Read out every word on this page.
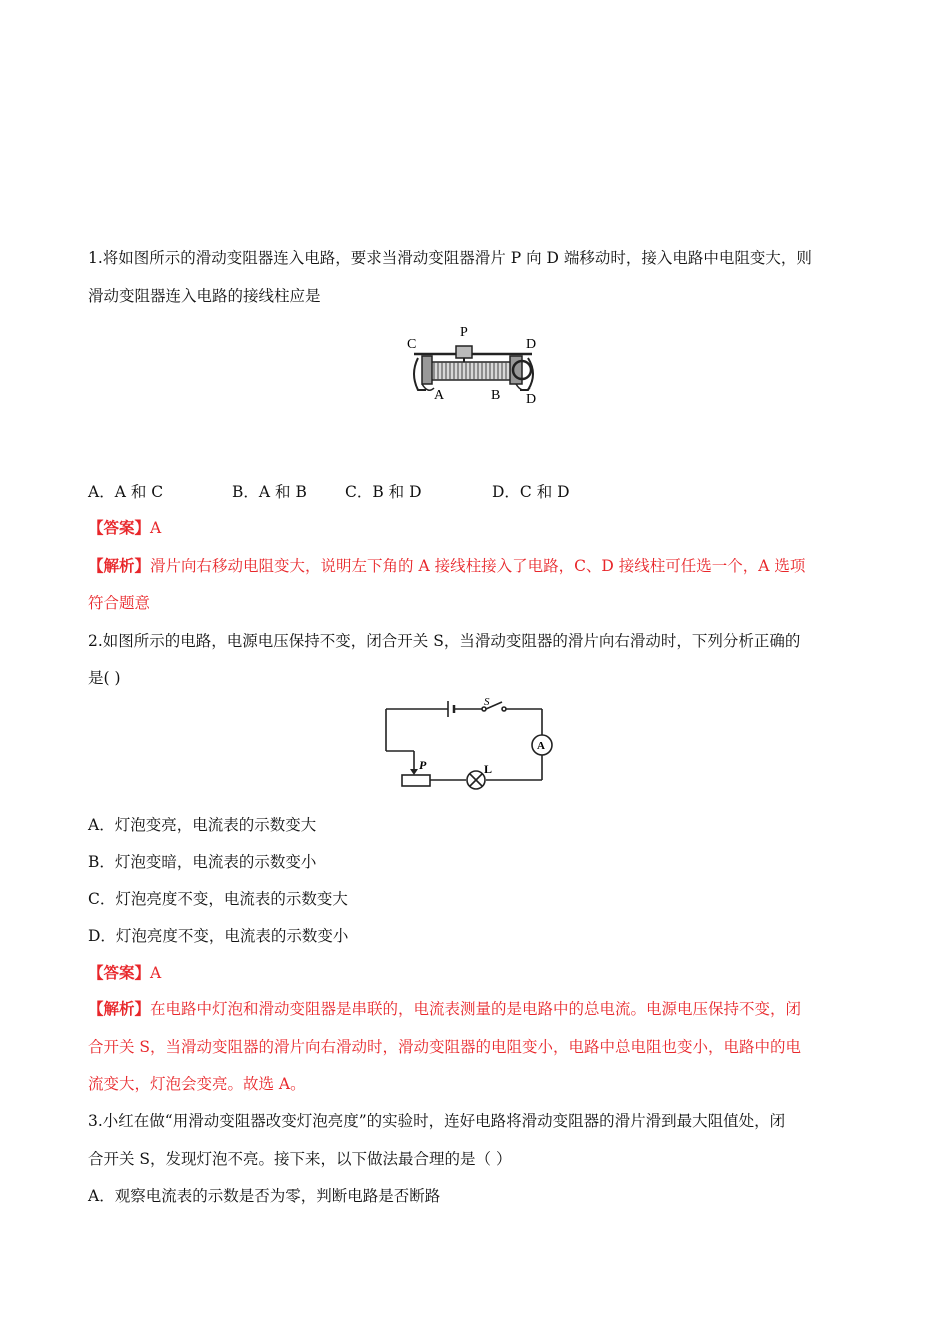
1.将如图所示的滑动变阻器连入电路，要求当滑动变阻器滑片 P 向 D 端移动时，接入电路中电阻变大，则
滑动变阻器连入电路的接线柱应是
P
C	D
A	B D
A．A 和 C	B．A 和 B C．B 和 D	D．C 和 D
【答案】A
【解析】滑片向右移动电阻变大，说明左下角的 A 接线柱接入了电路，C、D 接线柱可任选一个，A 选项
符合题意
2.如图所示的电路，电源电压保持不变，闭合开关 S，当滑动变阻器的滑片向右滑动时，下列分析正确的
是( )
S
P	L
A
A．灯泡变亮，电流表的示数变大
B．灯泡变暗，电流表的示数变小
C．灯泡亮度不变，电流表的示数变大
D．灯泡亮度不变，电流表的示数变小
【答案】A
【解析】在电路中灯泡和滑动变阻器是串联的，电流表测量的是电路中的总电流。电源电压保持不变，闭
合开关 S，当滑动变阻器的滑片向右滑动时，滑动变阻器的电阻变小，电路中总电阻也变小，电路中的电
流变大，灯泡会变亮。故选 A。
3.小红在做“用滑动变阻器改变灯泡亮度”的实验时，连好电路将滑动变阻器的滑片滑到最大阻值处，闭
合开关 S，发现灯泡不亮。接下来，以下做法最合理的是（ ）
A．观察电流表的示数是否为零，判断电路是否断路
